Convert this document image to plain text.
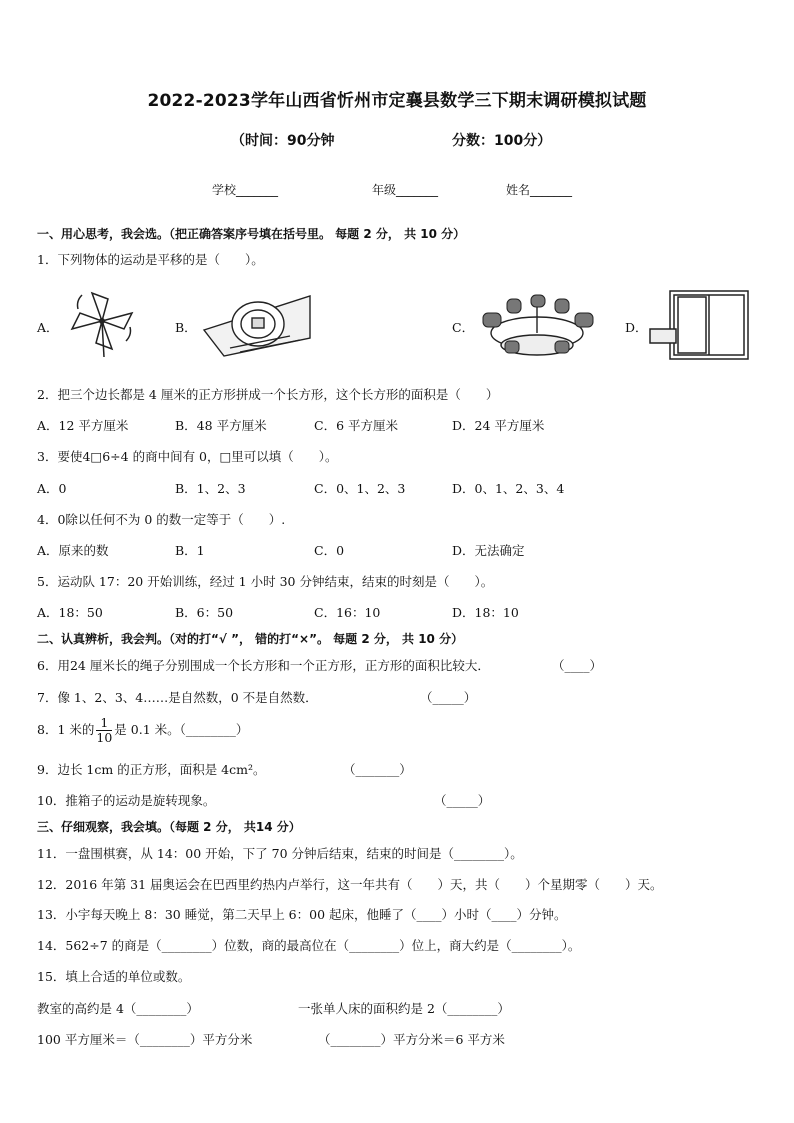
2022-2023学年山西省忻州市定襄县数学三下期末调研模拟试题
（时间：90分钟	分数：100分）
学校_______	年级_______	姓名_______
一、用心思考，我会选。（把正确答案序号填在括号里。 每题 2 分， 共 10 分）
1．下列物体的运动是平移的是（　　）。
A．	B．	C．	D．
2．把三个边长都是 4 厘米的正方形拼成一个长方形，这个长方形的面积是（　　）
A．12 平方厘米	B．48 平方厘米	C．6 平方厘米	D．24 平方厘米
3．要使4□6÷4 的商中间有 0，□里可以填（　　）。
A．0	B．1、2、3	C．0、1、2、3	D．0、1、2、3、4
4．0除以任何不为 0 的数一定等于（　　）.
A．原来的数	B．1	C．0	D．无法确定
5．运动队 17：20 开始训练，经过 1 小时 30 分钟结束，结束的时刻是（　　）。
A．18：50	B．6：50	C．16：10	D．18：10
二、认真辨析，我会判。（对的打“√ ”， 错的打“×”。 每题 2 分， 共 10 分）
6．用24 厘米长的绳子分别围成一个长方形和一个正方形，正方形的面积比较大．	（____）
7．像 1、2、3、4……是自然数，0 不是自然数．	（_____）
8．1 米的 $\frac{1}{10}$ 是 0.1 米。（________）
9．边长 1cm 的正方形，面积是 4cm²。	（_______）
10．推箱子的运动是旋转现象。	（_____）
三、仔细观察，我会填。（每题 2 分， 共14 分）
11．一盘围棋赛，从 14：00 开始，下了 70 分钟后结束，结束的时间是（________）。
12．2016 年第 31 届奥运会在巴西里约热内卢举行，这一年共有（　　）天，共（　　）个星期零（　　）天。
13．小宇每天晚上 8：30 睡觉，第二天早上 6：00 起床，他睡了（____）小时（____）分钟。
14．562÷7 的商是（________）位数，商的最高位在（________）位上，商大约是（________）。
15．填上合适的单位或数。
教室的高约是 4（________）	一张单人床的面积约是 2（________）
100 平方厘米＝（________）平方分米	（________）平方分米＝6 平方米
